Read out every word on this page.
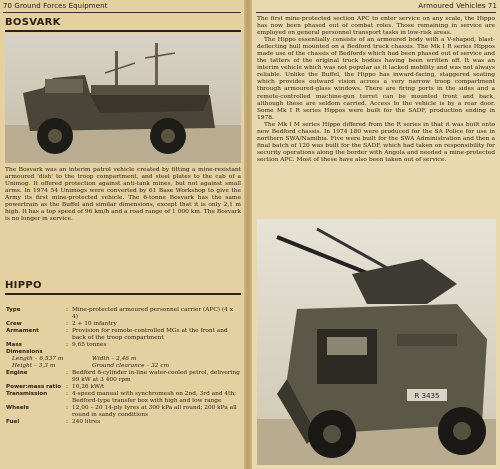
70 Ground Forces Equipment	Armoured Vehicles 71
BOSVARK
The Bosvark was an interim patrol vehicle created by fitting a mine-resistant armoured 'dish' to the troop compartment, and steel plates to the cab of a Unimog. It offered protection against anti-tank mines, but not against small arms. In 1974 54 Unimogs were converted by 61 Base Workshop to give the Army its first mine-protected vehicle. The 6-tonne Bosvark has the same powertrain as the Buffel and similar dimensions, except that it is only 2,1 m high. It has a top speed of 96 km/h and a road range of 1 000 km. The Bosvark is no longer in service.
HIPPO
Type	: Mine-protected armoured personnel carrier (APC) (4 x 4)
Crew	: 2 + 10 infantry
Armament	: Provision for remote-controlled MGs at the front and back of the troop compartment
Mass	: 9,65 tonnes
Dimensions
Length – 6,537 m	Width – 2,46 m
Height – 3,3 m	Ground clearance – 32 cm
Engine	: Bedford 6-cylinder in-line water-cooled petrol, delivering 99 kW at 3 400 rpm
Power:mass ratio : 10,26 kW/t
Transmission	: 4-speed manual with synchromesh on 2nd, 3rd and 4th; Bedford-type transfer box with high and low range
Wheels	: 12,00 – 20 14-ply tyres at 300 kPa all round; 200 kPa all round in sandy conditions
Fuel	: 240 litres

The first mine-protected section APC to enter service on any scale, the Hippo has now been phased out of combat roles. Those remaining in service are employed on general personnel transport tasks in low-risk areas.

The Hippo essentially consists of an armoured body with a V-shaped, blast-deflecting hull mounted on a Bedford truck chassis. The Mk I R series Hippos made use of the chassis of Bedfords which had been phased out of service and the tatters of the original truck bodies having been written off. It was an interim vehicle which was not popular as it lacked mobility and was not always reliable. Unlike the Buffel, the Hippo has inward-facing, staggered seating which provides outward vision across a very narrow troop compartment through armoured-glass windows. There are firing ports in the sides and a remote-controlled machine-gun turret can be mounted front and back, although these are seldom carried. Access to the vehicle is by a rear door. Some Mk I R series Hippos were built for the SADF, production ending in 1978.

The Mk I M series Hippo differed from the R series in that it was built onto new Bedford chassis. In 1974 180 were produced for the SA Police for use in northern SWA/Namibia. Five were built for the SWA Administration and then a final batch of 120 was built for the SADF, which had taken on responsibility for security operations along the border with Angola and needed a mine-protected section APC. Most of these have also been taken out of service.

R 3435
